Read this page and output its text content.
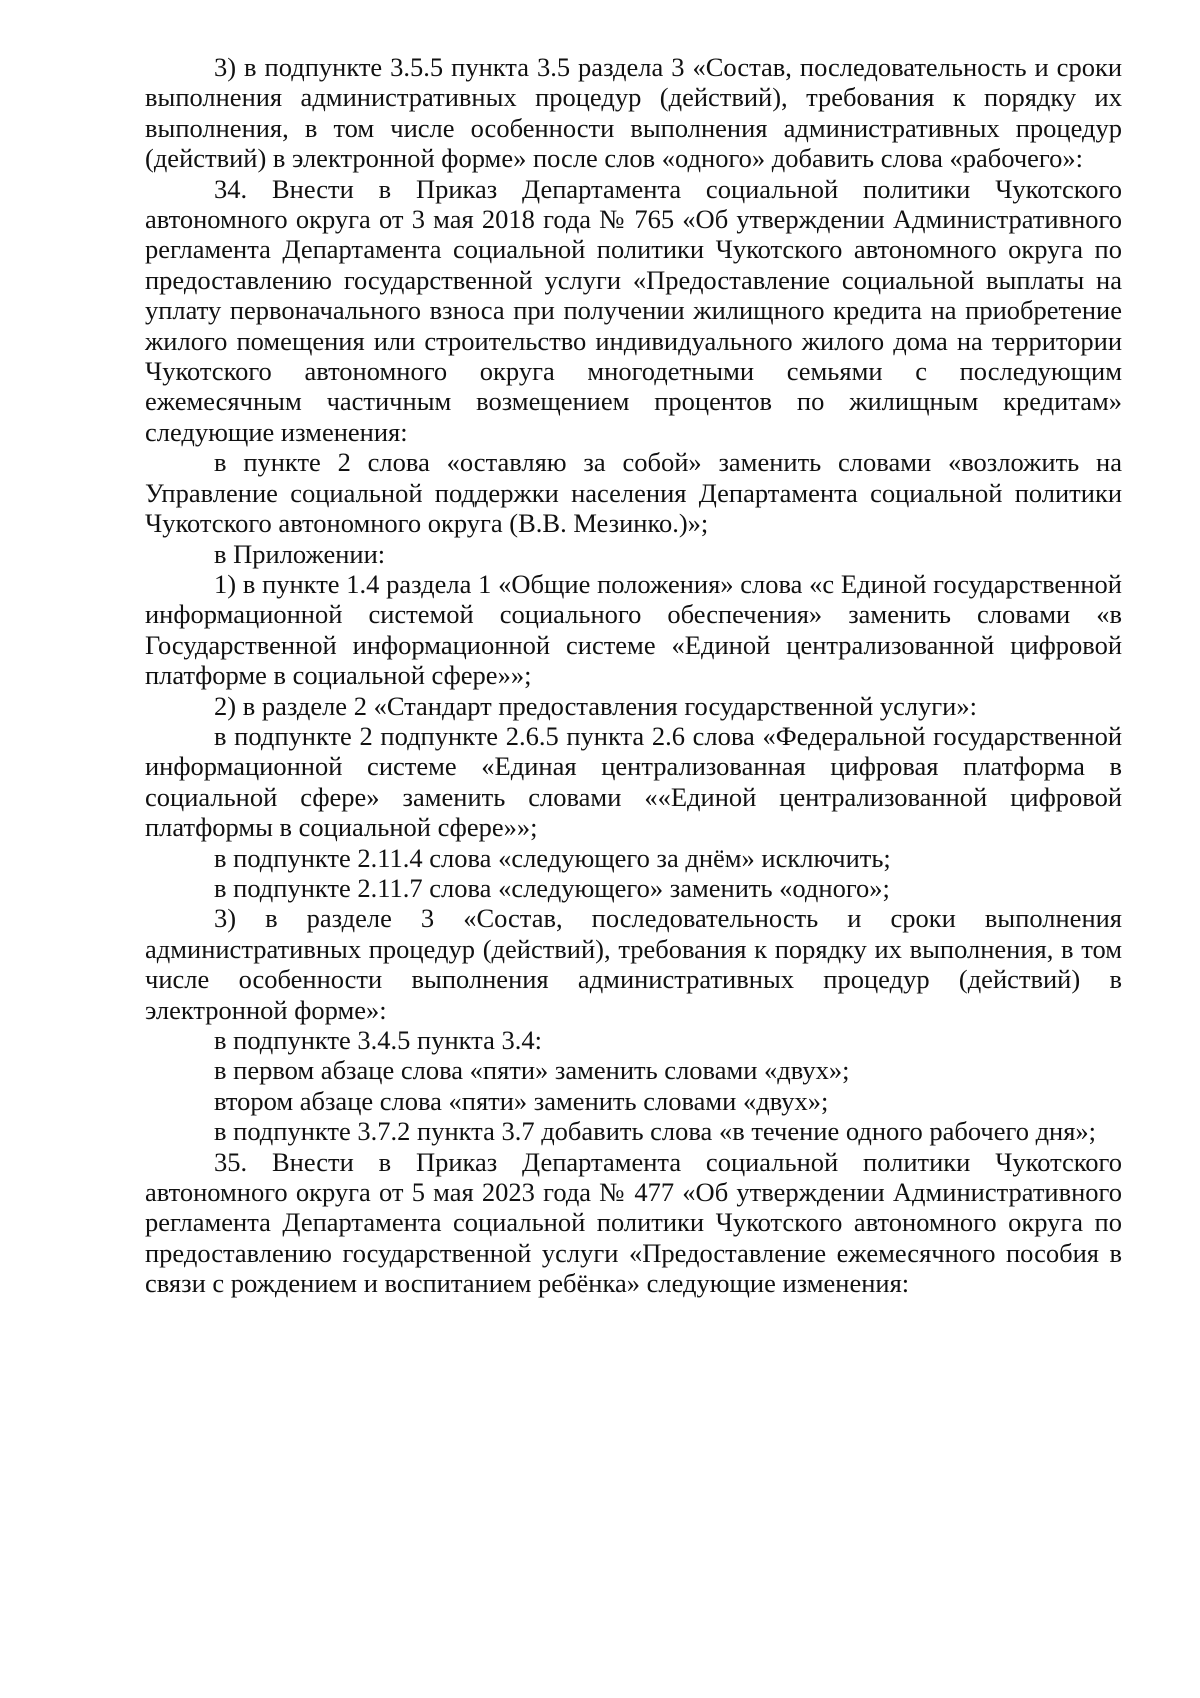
3) в подпункте 3.5.5 пункта 3.5 раздела 3 «Состав, последовательность и сроки выполнения административных процедур (действий), требования к порядку их выполнения, в том числе особенности выполнения административных процедур (действий) в электронной форме» после слов «одного» добавить слова «рабочего»:

34. Внести в Приказ Департамента социальной политики Чукотского автономного округа от 3 мая 2018 года № 765 «Об утверждении Административного регламента Департамента социальной политики Чукотского автономного округа по предоставлению государственной услуги «Предоставление социальной выплаты на уплату первоначального взноса при получении жилищного кредита на приобретение жилого помещения или строительство индивидуального жилого дома на территории Чукотского автономного округа многодетными семьями с последующим ежемесячным частичным возмещением процентов по жилищным кредитам» следующие изменения:

в пункте 2 слова «оставляю за собой» заменить словами «возложить на Управление социальной поддержки населения Департамента социальной политики Чукотского автономного округа (В.В. Мезинко.)»;

в Приложении:

1) в пункте 1.4 раздела 1 «Общие положения» слова «с Единой государственной информационной системой социального обеспечения» заменить словами «в Государственной информационной системе «Единой централизованной цифровой платформе в социальной сфере»»;

2) в разделе 2 «Стандарт предоставления государственной услуги»:

в подпункте 2 подпункте 2.6.5 пункта 2.6 слова «Федеральной государственной информационной системе «Единая централизованная цифровая платформа в социальной сфере» заменить словами ««Единой централизованной цифровой платформы в социальной сфере»»;

в подпункте 2.11.4 слова «следующего за днём» исключить;

в подпункте 2.11.7 слова «следующего» заменить «одного»;

3) в разделе 3 «Состав, последовательность и сроки выполнения административных процедур (действий), требования к порядку их выполнения, в том числе особенности выполнения административных процедур (действий) в электронной форме»:

в подпункте 3.4.5 пункта 3.4:

в первом абзаце слова «пяти» заменить словами «двух»;

втором абзаце слова «пяти» заменить словами «двух»;

в подпункте 3.7.2 пункта 3.7 добавить слова «в течение одного рабочего дня»;

35. Внести в Приказ Департамента социальной политики Чукотского автономного округа от 5 мая 2023 года № 477 «Об утверждении Административного регламента Департамента социальной политики Чукотского автономного округа по предоставлению государственной услуги «Предоставление ежемесячного пособия в связи с рождением и воспитанием ребёнка» следующие изменения:
